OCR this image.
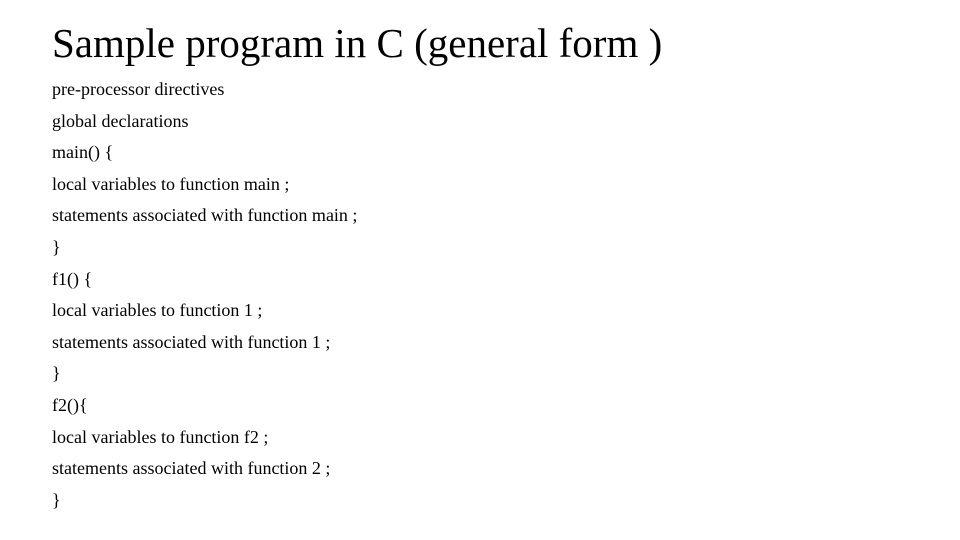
Sample program in C (general form )
pre-processor directives
global declarations
main() {
local variables to function main ;
statements associated with function main ;
}
f1() {
local variables to function 1 ;
statements associated with function 1 ;
}
f2(){
local variables to function f2 ;
statements associated with function 2 ;
}
